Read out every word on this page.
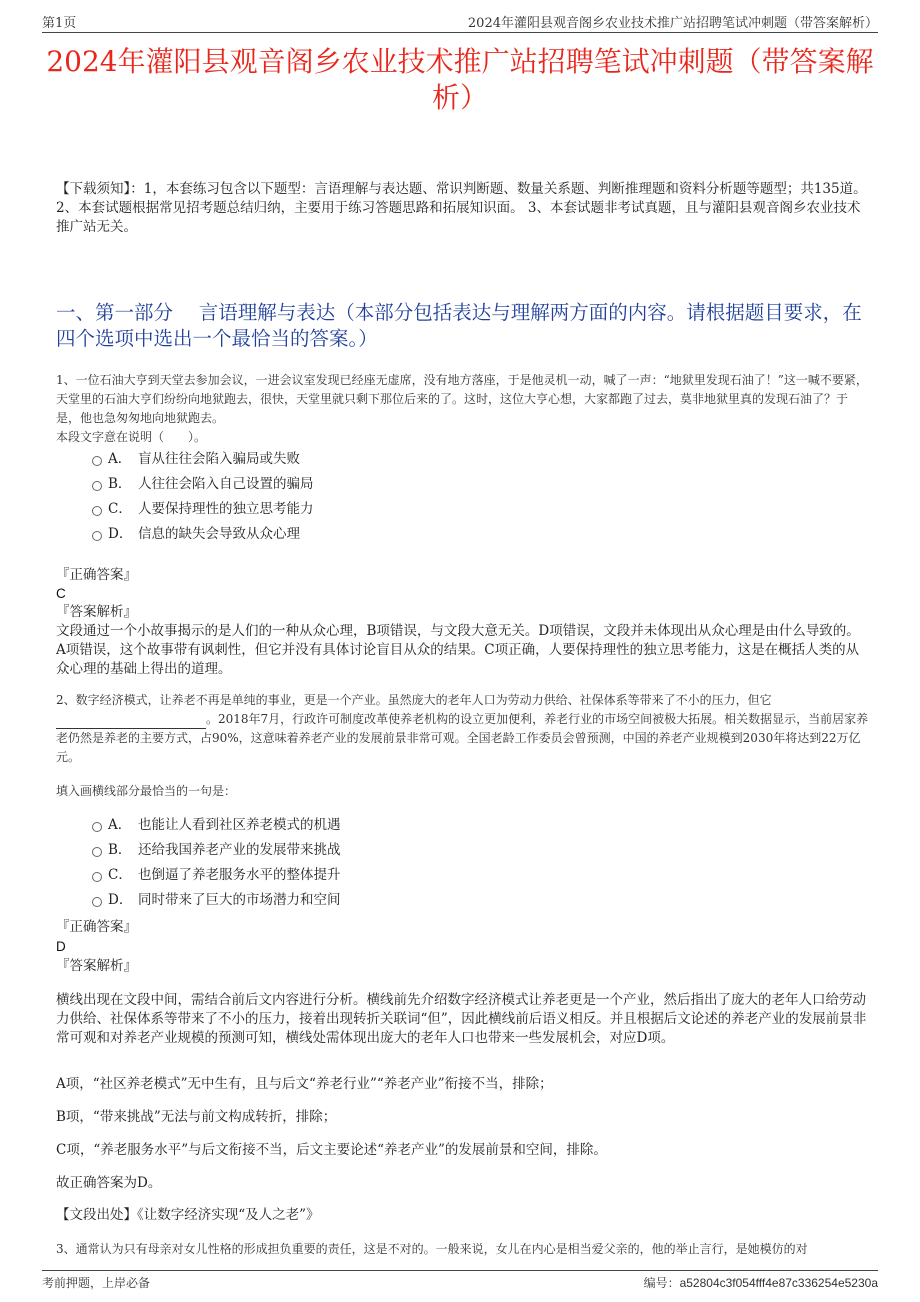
第1页	2024年灌阳县观音阁乡农业技术推广站招聘笔试冲刺题（带答案解析）
2024年灌阳县观音阁乡农业技术推广站招聘笔试冲刺题（带答案解析）
【下载须知】：1，本套练习包含以下题型：言语理解与表达题、常识判断题、数量关系题、判断推理题和资料分析题等题型；共135道。 2、本套试题根据常见招考题总结归纳，主要用于练习答题思路和拓展知识面。 3、本套试题非考试真题，且与灌阳县观音阁乡农业技术推广站无关。
一、第一部分　 言语理解与表达（本部分包括表达与理解两方面的内容。请根据题目要求，在四个选项中选出一个最恰当的答案。）
1、一位石油大亨到天堂去参加会议，一进会议室发现已经座无虚席，没有地方落座，于是他灵机一动，喊了一声：“地狱里发现石油了！”这一喊不要紧，天堂里的石油大亨们纷纷向地狱跑去，很快，天堂里就只剩下那位后来的了。这时，这位大亨心想，大家都跑了过去，莫非地狱里真的发现石油了？于是，他也急匆匆地向地狱跑去。
本段文字意在说明（　　）。
A． 盲从往往会陷入骗局或失败
B． 人往往会陷入自己设置的骗局
C． 人要保持理性的独立思考能力
D． 信息的缺失会导致从众心理
『正确答案』
C
『答案解析』
文段通过一个小故事揭示的是人们的一种从众心理，B项错误，与文段大意无关。D项错误，文段并未体现出从众心理是由什么导致的。A项错误，这个故事带有讽刺性，但它并没有具体讨论盲目从众的结果。C项正确，人要保持理性的独立思考能力，这是在概括人类的从众心理的基础上得出的道理。
2、数字经济模式，让养老不再是单纯的事业，更是一个产业。虽然庞大的老年人口为劳动力供给、社保体系等带来了不小的压力，但它
。2018年7月，行政许可制度改革使养老机构的设立更加便利，养老行业的市场空间被极大拓展。相关数据显示，当前居家养老仍然是养老的主要方式，占90%，这意味着养老产业的发展前景非常可观。全国老龄工作委员会曾预测，中国的养老产业规模到2030年将达到22万亿元。
填入画横线部分最恰当的一句是：
A． 也能让人看到社区养老模式的机遇
B． 还给我国养老产业的发展带来挑战
C． 也倒逼了养老服务水平的整体提升
D． 同时带来了巨大的市场潜力和空间
『正确答案』
D
『答案解析』
横线出现在文段中间，需结合前后文内容进行分析。横线前先介绍数字经济模式让养老更是一个产业，然后指出了庞大的老年人口给劳动力供给、社保体系等带来了不小的压力，接着出现转折关联词“但”，因此横线前后语义相反。并且根据后文论述的养老产业的发展前景非常可观和对养老产业规模的预测可知，横线处需体现出庞大的老年人口也带来一些发展机会，对应D项。
A项，“社区养老模式”无中生有，且与后文“养老行业”“养老产业”衔接不当，排除；
B项，“带来挑战”无法与前文构成转折，排除；
C项，“养老服务水平”与后文衔接不当，后文主要论述“养老产业”的发展前景和空间，排除。
故正确答案为D。
【文段出处】《让数字经济实现“及人之老”》
3、通常认为只有母亲对女儿性格的形成担负重要的责任，这是不对的。一般来说，女儿在内心是相当爱父亲的，他的举止言行，是她模仿的对
考前押题，上岸必备	编号：a52804c3f054fff4e87c336254e5230a
